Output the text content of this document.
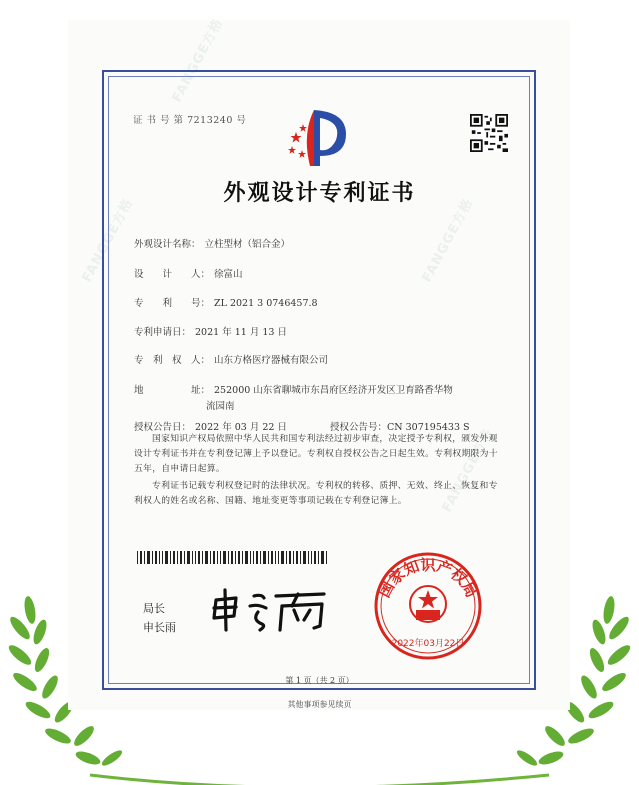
FANGGE方格
FANGGE方格
FANGGE方格
FANGGE方格
证 书 号 第 7213240 号
外观设计专利证书
外观设计名称： 立柱型材（铝合金）
设　　计　　人： 徐富山
专　　利　　号： ZL 2021 3 0746457.8
专利申请日： 2021 年 11 月 13 日
专　利　权　人： 山东方格医疗器械有限公司
地　　　　　址： 252000 山东省聊城市东昌府区经济开发区卫育路香华物
流园南
授权公告日： 2022 年 03 月 22 日	授权公告号：CN 307195433 S
国家知识产权局依照中华人民共和国专利法经过初步审查，决定授予专利权，颁发外观设计专利证书并在专利登记簿上予以登记。专利权自授权公告之日起生效。专利权期限为十五年，自申请日起算。
专利证书记载专利权登记时的法律状况。专利权的转移、质押、无效、终止、恢复和专利权人的姓名或名称、国籍、地址变更等事项记载在专利登记簿上。
局长
申长雨
国家知识产权局
2022年03月22日
第 1 页（共 2 页）
其他事项参见续页
